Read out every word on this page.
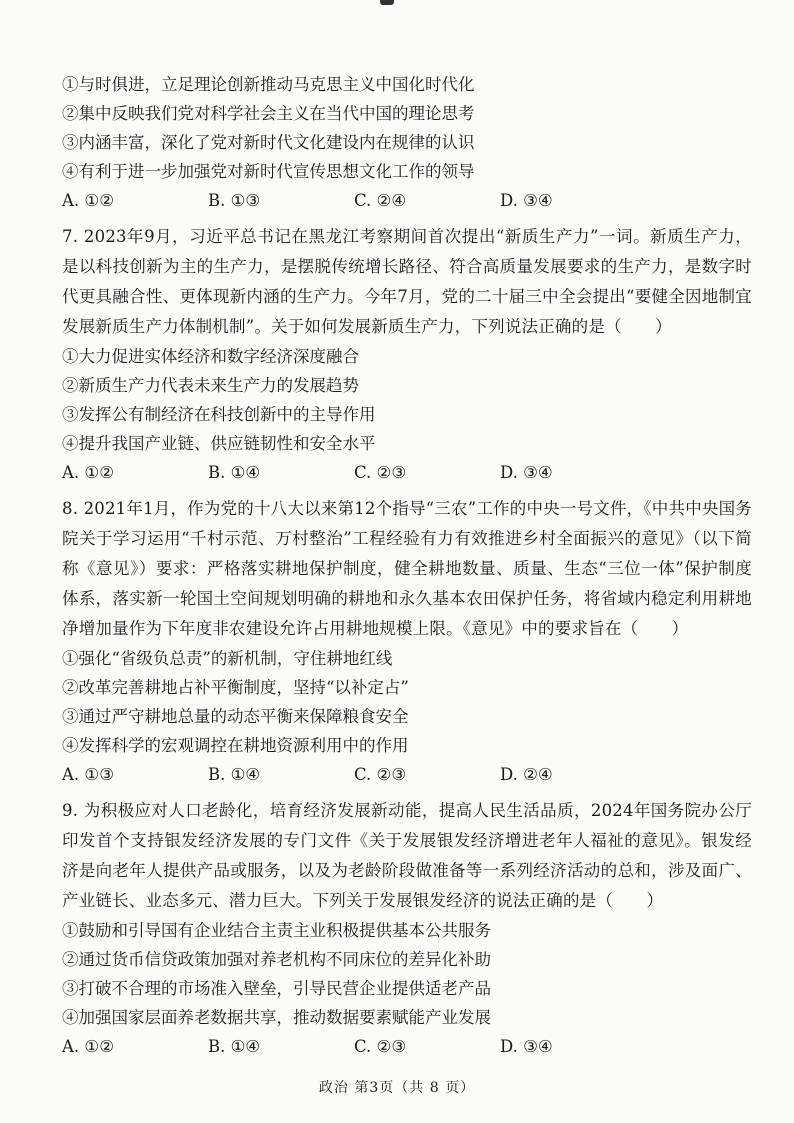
①与时俱进，立足理论创新推动马克思主义中国化时代化
②集中反映我们党对科学社会主义在当代中国的理论思考
③内涵丰富，深化了党对新时代文化建设内在规律的认识
④有利于进一步加强党对新时代宣传思想文化工作的领导
A. ①②	B. ①③	C. ②④	D. ③④
7. 2023年9月，习近平总书记在黑龙江考察期间首次提出“新质生产力”一词。新质生产力，是以科技创新为主的生产力，是摆脱传统增长路径、符合高质量发展要求的生产力，是数字时代更具融合性、更体现新内涵的生产力。今年7月，党的二十届三中全会提出“要健全因地制宜发展新质生产力体制机制”。关于如何发展新质生产力，下列说法正确的是（　　）
①大力促进实体经济和数字经济深度融合
②新质生产力代表未来生产力的发展趋势
③发挥公有制经济在科技创新中的主导作用
④提升我国产业链、供应链韧性和安全水平
A. ①②	B. ①④	C. ②③	D. ③④
8. 2021年1月，作为党的十八大以来第12个指导“三农”工作的中央一号文件，《中共中央国务院关于学习运用“千村示范、万村整治”工程经验有力有效推进乡村全面振兴的意见》（以下简称《意见》）要求：严格落实耕地保护制度，健全耕地数量、质量、生态“三位一体”保护制度体系，落实新一轮国土空间规划明确的耕地和永久基本农田保护任务，将省域内稳定利用耕地净增加量作为下年度非农建设允许占用耕地规模上限。《意见》中的要求旨在（　　）
①强化“省级负总责”的新机制，守住耕地红线
②改革完善耕地占补平衡制度，坚持“以补定占”
③通过严守耕地总量的动态平衡来保障粮食安全
④发挥科学的宏观调控在耕地资源利用中的作用
A. ①③	B. ①④	C. ②③	D. ②④
9. 为积极应对人口老龄化，培育经济发展新动能，提高人民生活品质，2024年国务院办公厅印发首个支持银发经济发展的专门文件《关于发展银发经济增进老年人福祉的意见》。银发经济是向老年人提供产品或服务，以及为老龄阶段做准备等一系列经济活动的总和，涉及面广、产业链长、业态多元、潜力巨大。下列关于发展银发经济的说法正确的是（　　）
①鼓励和引导国有企业结合主责主业积极提供基本公共服务
②通过货币信贷政策加强对养老机构不同床位的差异化补助
③打破不合理的市场准入壁垒，引导民营企业提供适老产品
④加强国家层面养老数据共享，推动数据要素赋能产业发展
A. ①②	B. ①④	C. ②③	D. ③④
政治 第3页（共 8 页）
